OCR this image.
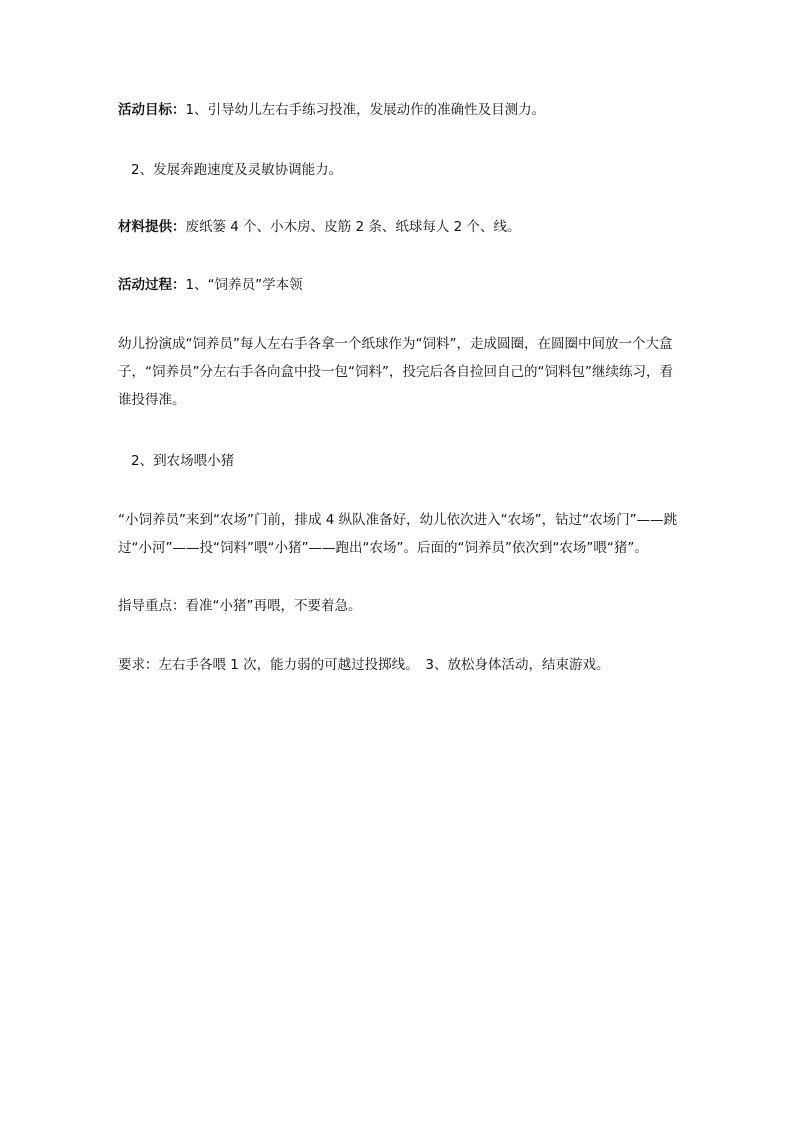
活动目标：1、引导幼儿左右手练习投准，发展动作的准确性及目测力。

2、发展奔跑速度及灵敏协调能力。

材料提供：废纸篓 4 个、小木房、皮筋 2 条、纸球每人 2 个、线。

活动过程：1、“饲养员”学本领

幼儿扮演成“饲养员”每人左右手各拿一个纸球作为“饲料”，走成圆圈，在圆圈中间放一个大盒子，“饲养员”分左右手各向盒中投一包“饲料”，投完后各自捡回自己的“饲料包”继续练习，看谁投得准。

2、到农场喂小猪

“小饲养员”来到“农场”门前，排成 4 纵队准备好，幼儿依次进入“农场”，钻过“农场门”——跳过“小河”——投“饲料”喂“小猪”——跑出“农场”。后面的“饲养员”依次到“农场”喂“猪”。

指导重点：看准“小猪”再喂，不要着急。

要求：左右手各喂 1 次，能力弱的可越过投掷线。　3、放松身体活动，结束游戏。
